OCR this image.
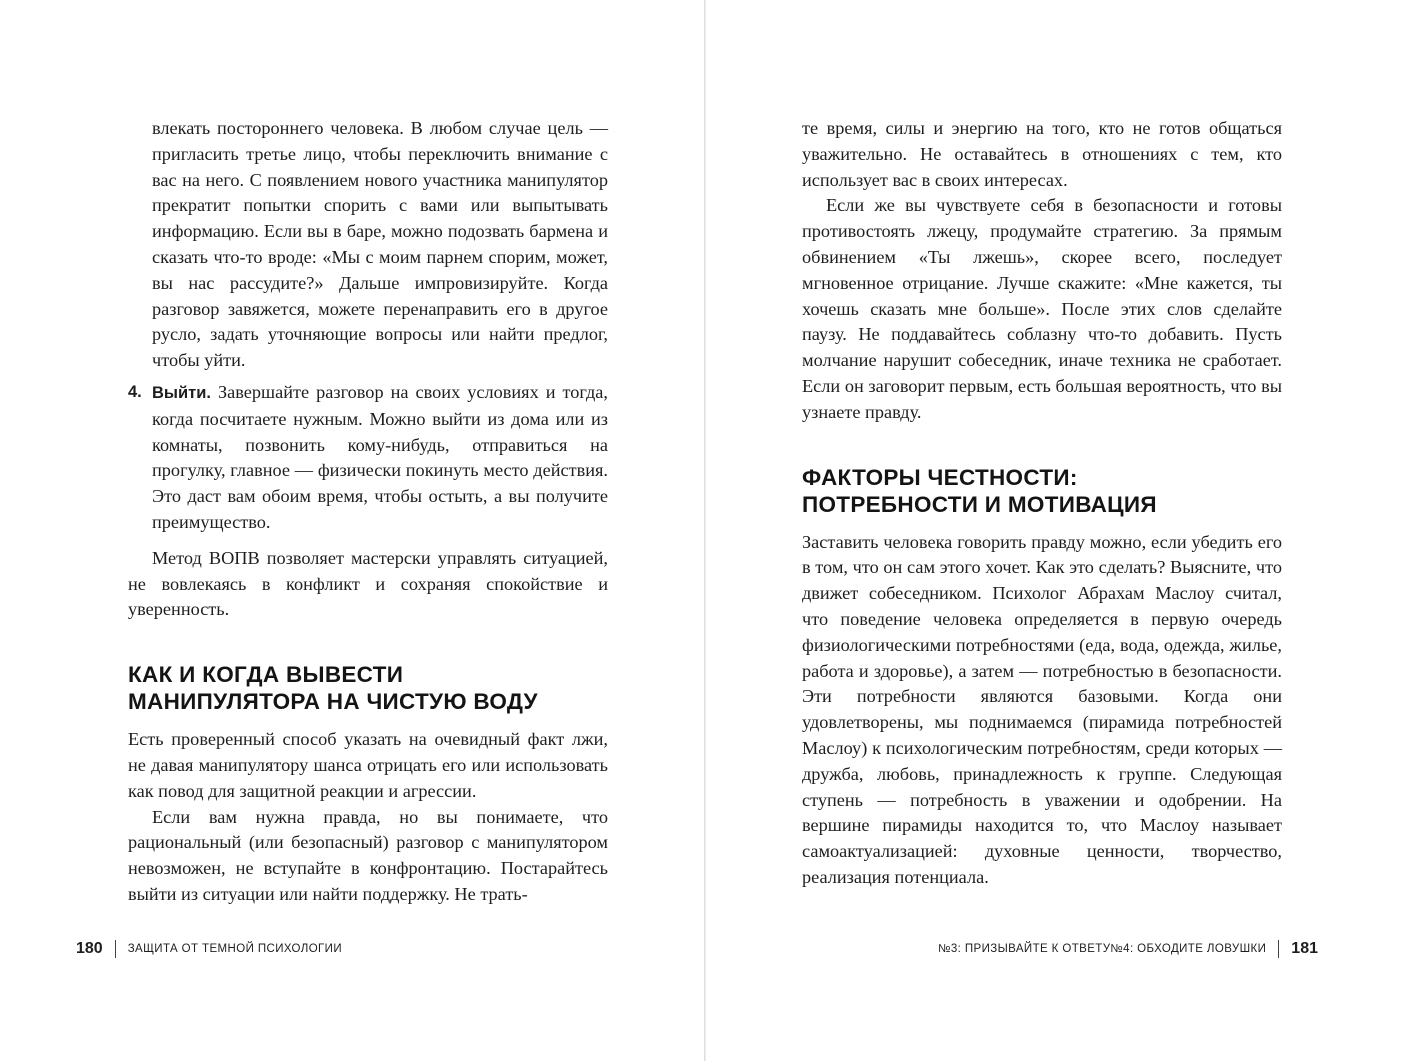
влекать постороннего человека. В любом случае цель — пригласить третье лицо, чтобы переключить внимание с вас на него. С появлением нового участника манипулятор прекратит попытки спорить с вами или выпытывать информацию. Если вы в баре, можно подозвать бармена и сказать что-то вроде: «Мы с моим парнем спорим, может, вы нас рассудите?» Дальше импровизируйте. Когда разговор завяжется, можете перенаправить его в другое русло, задать уточняющие вопросы или найти предлог, чтобы уйти.

4. Выйти. Завершайте разговор на своих условиях и тогда, когда посчитаете нужным. Можно выйти из дома или из комнаты, позвонить кому-нибудь, отправиться на прогулку, главное — физически покинуть место действия. Это даст вам обоим время, чтобы остыть, а вы получите преимущество.

Метод ВОПВ позволяет мастерски управлять ситуацией, не вовлекаясь в конфликт и сохраняя спокойствие и уверенность.

КАК И КОГДА ВЫВЕСТИ
МАНИПУЛЯТОРА НА ЧИСТУЮ ВОДУ

Есть проверенный способ указать на очевидный факт лжи, не давая манипулятору шанса отрицать его или использовать как повод для защитной реакции и агрессии.

Если вам нужна правда, но вы понимаете, что рациональный (или безопасный) разговор с манипулятором невозможен, не вступайте в конфронтацию. Постарайтесь выйти из ситуации или найти поддержку. Не трать-

180 ЗАЩИТА ОТ ТЕМНОЙ ПСИХОЛОГИИ

те время, силы и энергию на того, кто не готов общаться уважительно. Не оставайтесь в отношениях с тем, кто использует вас в своих интересах.

Если же вы чувствуете себя в безопасности и готовы противостоять лжецу, продумайте стратегию. За прямым обвинением «Ты лжешь», скорее всего, последует мгновенное отрицание. Лучше скажите: «Мне кажется, ты хочешь сказать мне больше». После этих слов сделайте паузу. Не поддавайтесь соблазну что-то добавить. Пусть молчание нарушит собеседник, иначе техника не сработает. Если он заговорит первым, есть большая вероятность, что вы узнаете правду.

ФАКТОРЫ ЧЕСТНОСТИ:
ПОТРЕБНОСТИ И МОТИВАЦИЯ

Заставить человека говорить правду можно, если убедить его в том, что он сам этого хочет. Как это сделать? Выясните, что движет собеседником. Психолог Абрахам Маслоу считал, что поведение человека определяется в первую очередь физиологическими потребностями (еда, вода, одежда, жилье, работа и здоровье), а затем — потребностью в безопасности. Эти потребности являются базовыми. Когда они удовлетворены, мы поднимаемся (пирамида потребностей Маслоу) к психологическим потребностям, среди которых — дружба, любовь, принадлежность к группе. Следующая ступень — потребность в уважении и одобрении. На вершине пирамиды находится то, что Маслоу называет самоактуализацией: духовные ценности, творчество, реализация потенциала.

№3: ПРИЗЫВАЙТЕ К ОТВЕТУ№4: ОБХОДИТЕ ЛОВУШКИ 181
